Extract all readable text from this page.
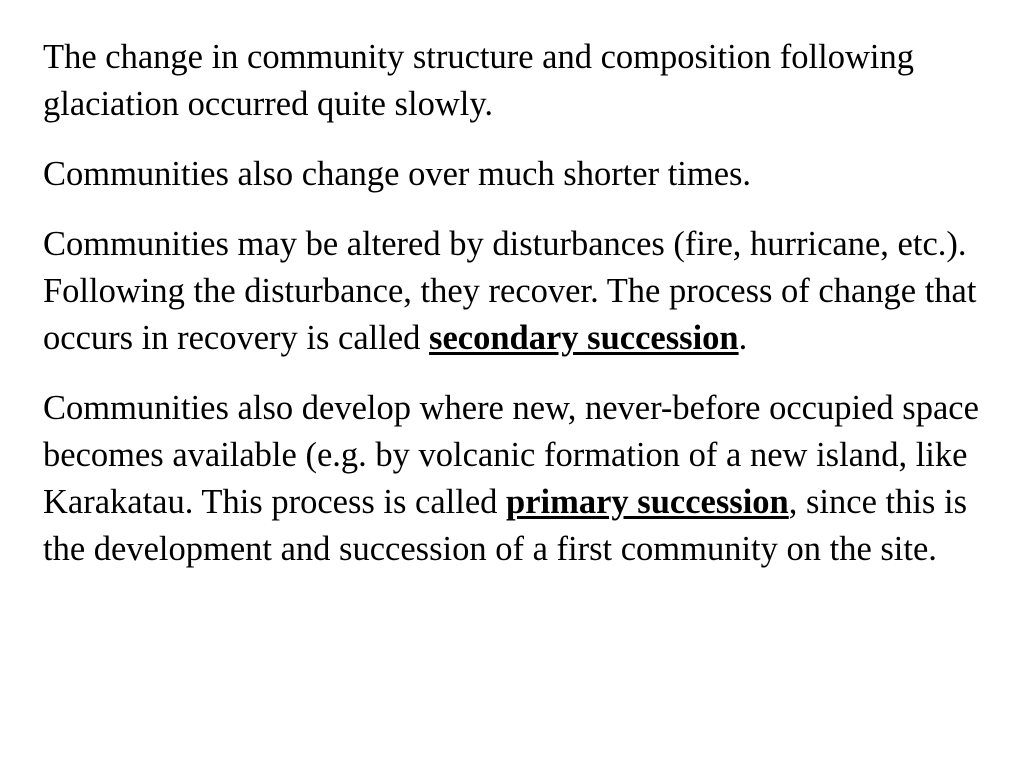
The change in community structure and composition following glaciation occurred quite slowly.

Communities also change over much shorter times.

Communities may be altered by disturbances (fire, hurricane, etc.). Following the disturbance, they recover. The process of change that occurs in recovery is called secondary succession.

Communities also develop where new, never-before occupied space becomes available (e.g. by volcanic formation of a new island, like Karakatau. This process is called primary succession, since this is the development and succession of a first community on the site.
